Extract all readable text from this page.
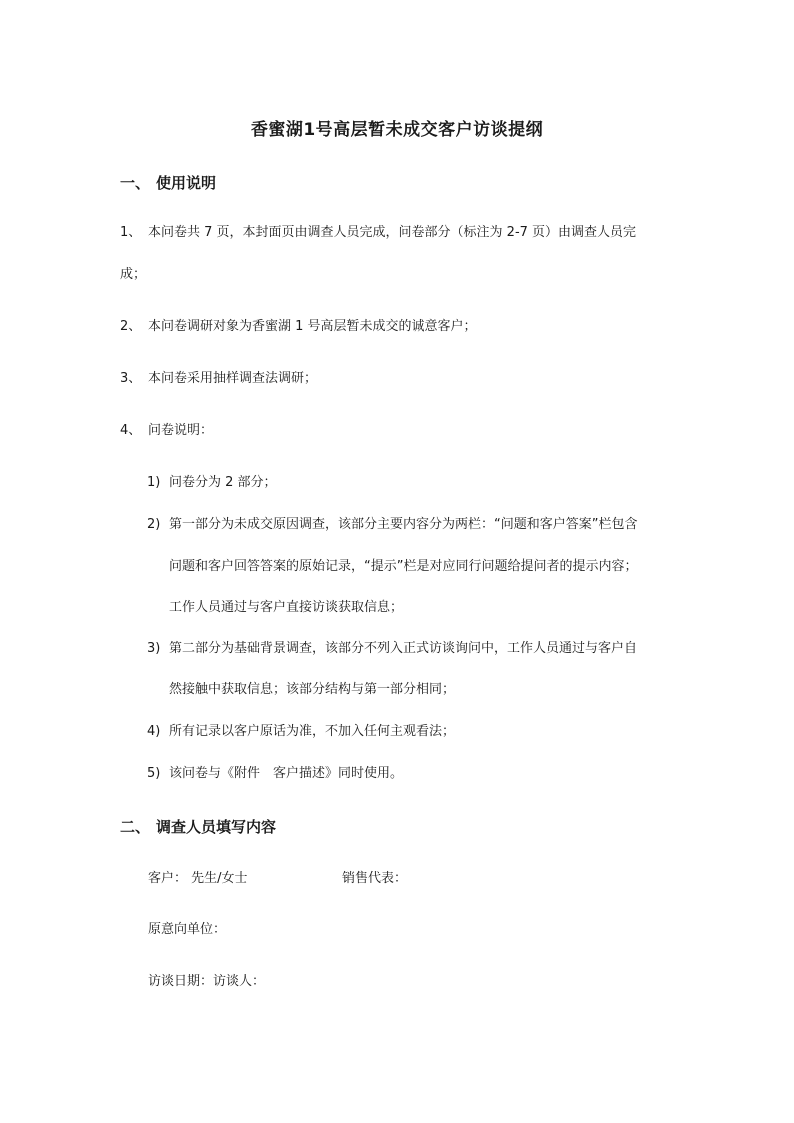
香蜜湖1号高层暂未成交客户访谈提纲
一、 使用说明
1、 本问卷共 7 页，本封面页由调查人员完成，问卷部分（标注为 2-7 页）由调查人员完
成；
2、 本问卷调研对象为香蜜湖 1 号高层暂未成交的诚意客户；
3、 本问卷采用抽样调查法调研；
4、 问卷说明：
1) 问卷分为 2 部分；
2) 第一部分为未成交原因调查，该部分主要内容分为两栏：“问题和客户答案”栏包含
问题和客户回答答案的原始记录，“提示”栏是对应同行问题给提问者的提示内容；
工作人员通过与客户直接访谈获取信息；
3) 第二部分为基础背景调查，该部分不列入正式访谈询问中，工作人员通过与客户自
然接触中获取信息；该部分结构与第一部分相同；
4) 所有记录以客户原话为准，不加入任何主观看法；
5) 该问卷与《附件　客户描述》同时使用。
二、 调查人员填写内容
客户： 先生/女士	销售代表：
原意向单位：
访谈日期：访谈人：
